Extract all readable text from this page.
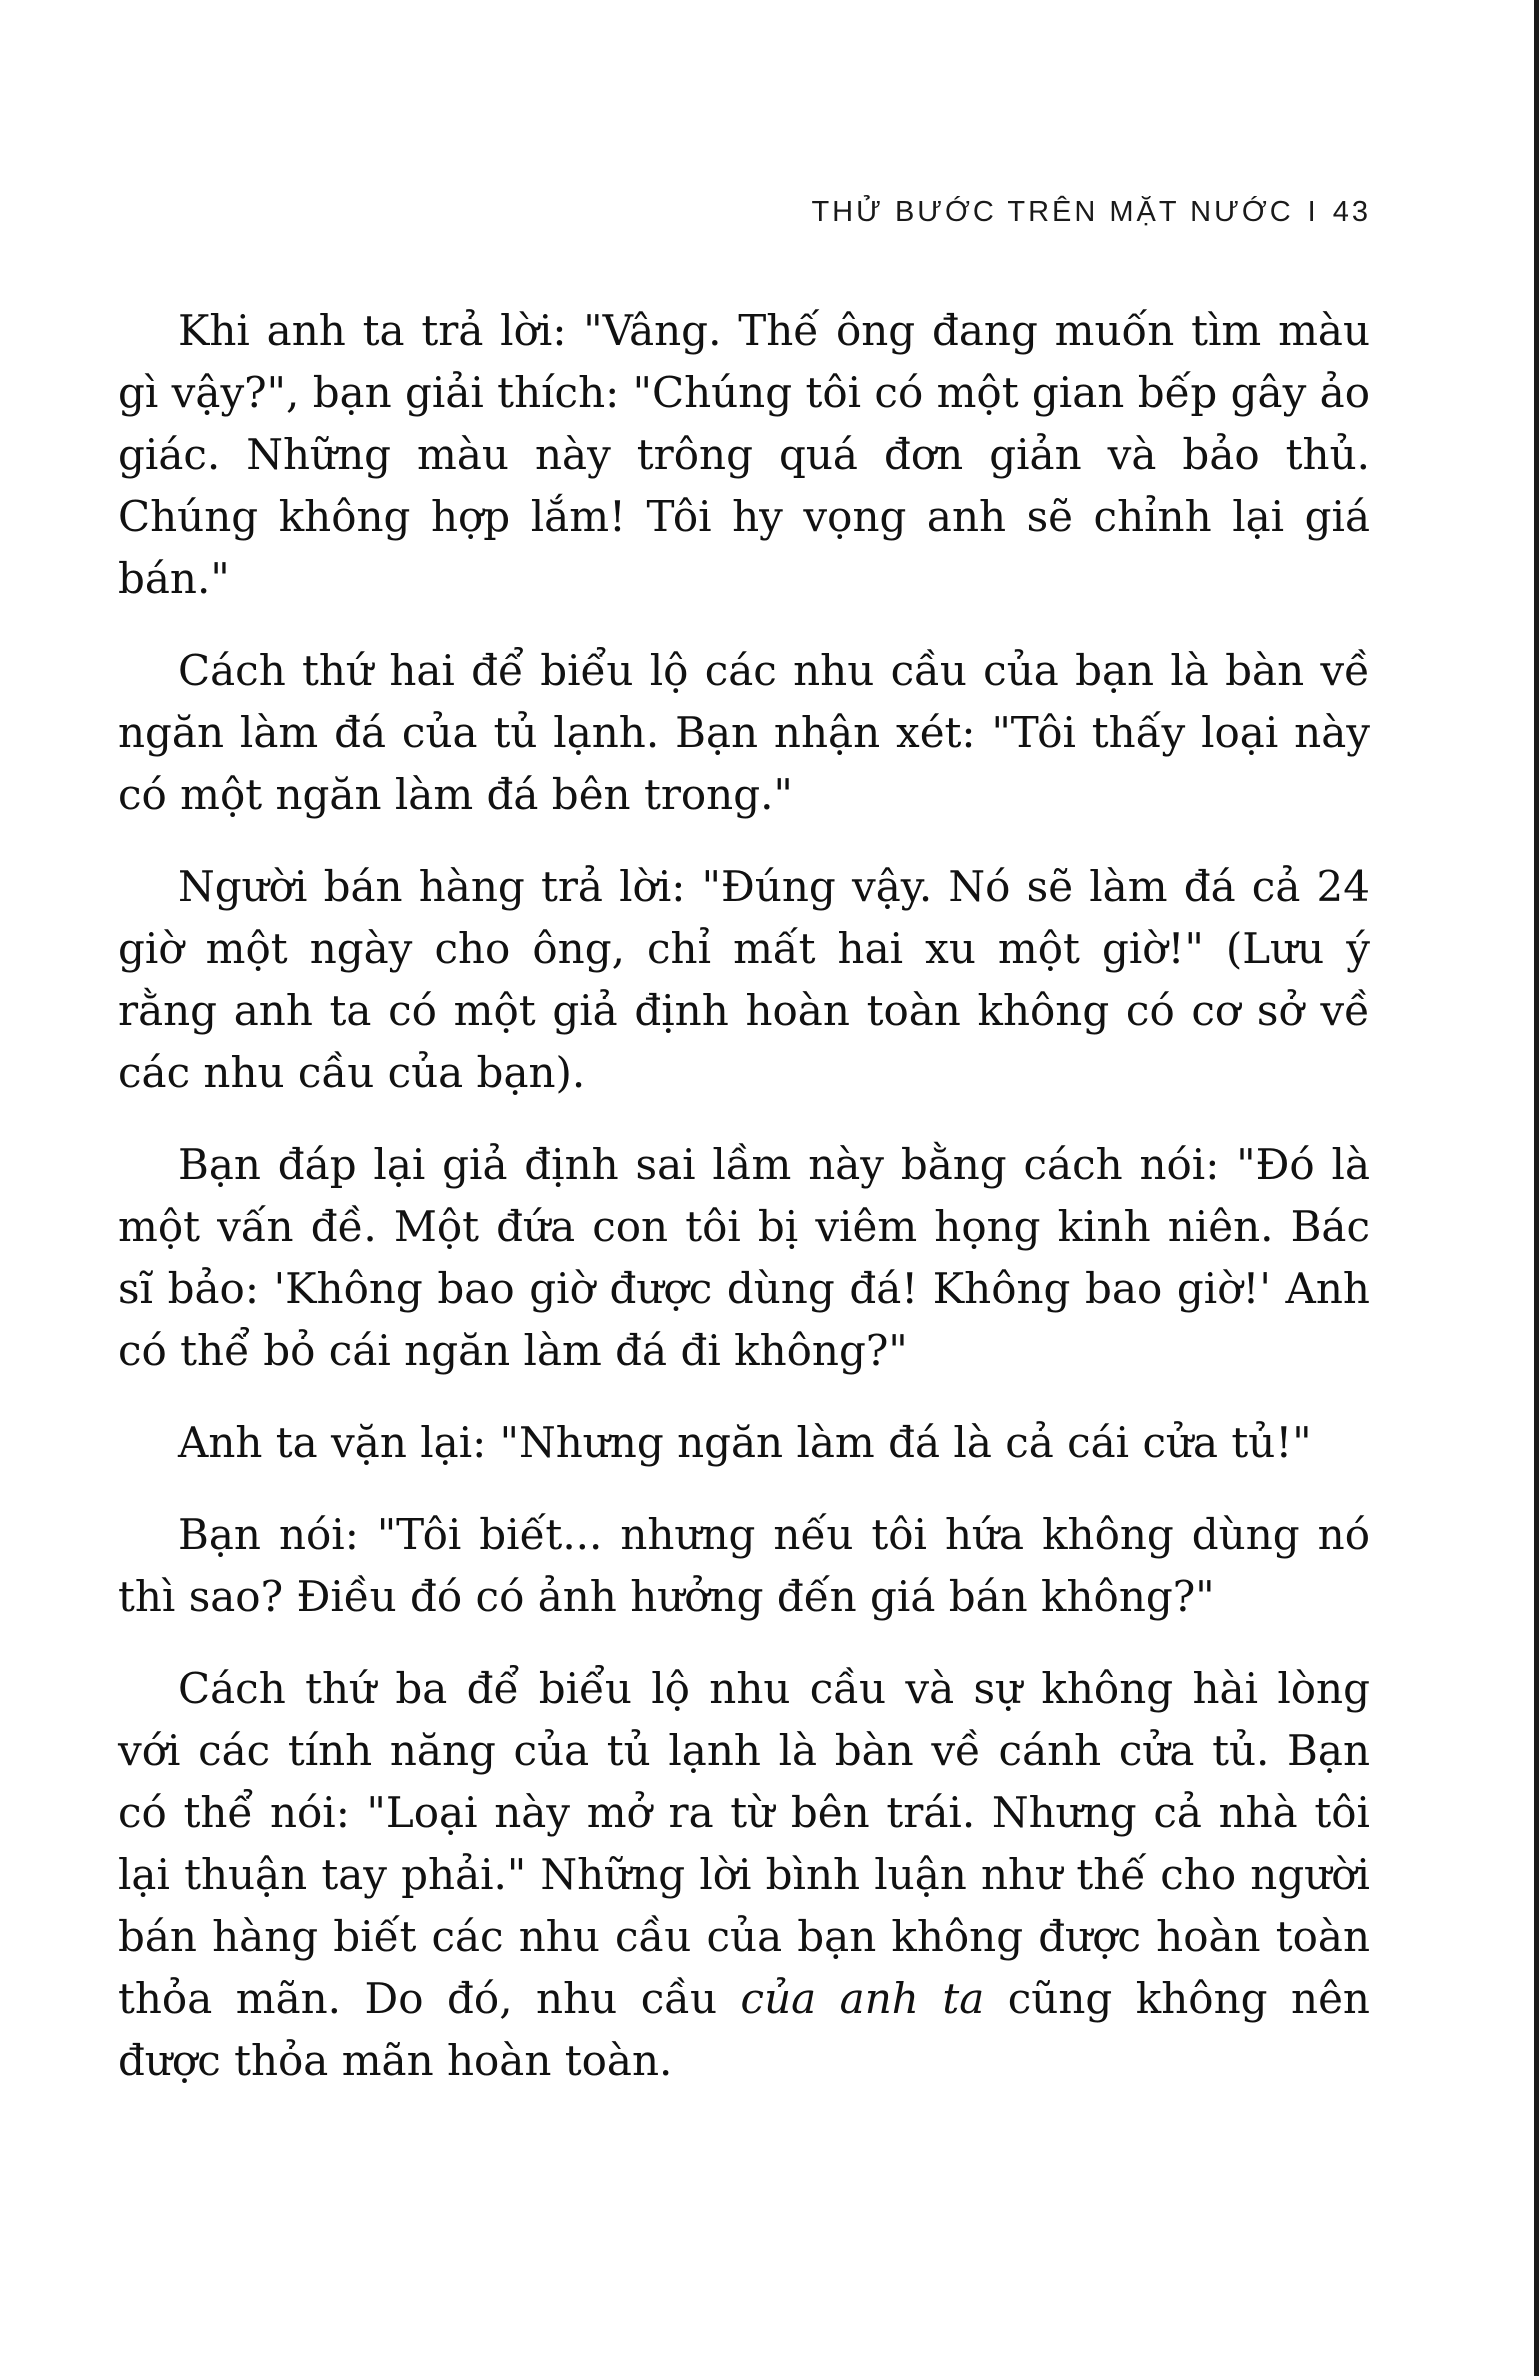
THỬ BƯỚC TRÊN MẶT NƯỚC I 43

Khi anh ta trả lời: "Vâng. Thế ông đang muốn tìm màu gì vậy?", bạn giải thích: "Chúng tôi có một gian bếp gây ảo giác. Những màu này trông quá đơn giản và bảo thủ. Chúng không hợp lắm! Tôi hy vọng anh sẽ chỉnh lại giá bán."

Cách thứ hai để biểu lộ các nhu cầu của bạn là bàn về ngăn làm đá của tủ lạnh. Bạn nhận xét: "Tôi thấy loại này có một ngăn làm đá bên trong."

Người bán hàng trả lời: "Đúng vậy. Nó sẽ làm đá cả 24 giờ một ngày cho ông, chỉ mất hai xu một giờ!" (Lưu ý rằng anh ta có một giả định hoàn toàn không có cơ sở về các nhu cầu của bạn).

Bạn đáp lại giả định sai lầm này bằng cách nói: "Đó là một vấn đề. Một đứa con tôi bị viêm họng kinh niên. Bác sĩ bảo: 'Không bao giờ được dùng đá! Không bao giờ!' Anh có thể bỏ cái ngăn làm đá đi không?"

Anh ta vặn lại: "Nhưng ngăn làm đá là cả cái cửa tủ!"

Bạn nói: "Tôi biết... nhưng nếu tôi hứa không dùng nó thì sao? Điều đó có ảnh hưởng đến giá bán không?"

Cách thứ ba để biểu lộ nhu cầu và sự không hài lòng với các tính năng của tủ lạnh là bàn về cánh cửa tủ. Bạn có thể nói: "Loại này mở ra từ bên trái. Nhưng cả nhà tôi lại thuận tay phải." Những lời bình luận như thế cho người bán hàng biết các nhu cầu của bạn không được hoàn toàn thỏa mãn. Do đó, nhu cầu của anh ta cũng không nên được thỏa mãn hoàn toàn.
